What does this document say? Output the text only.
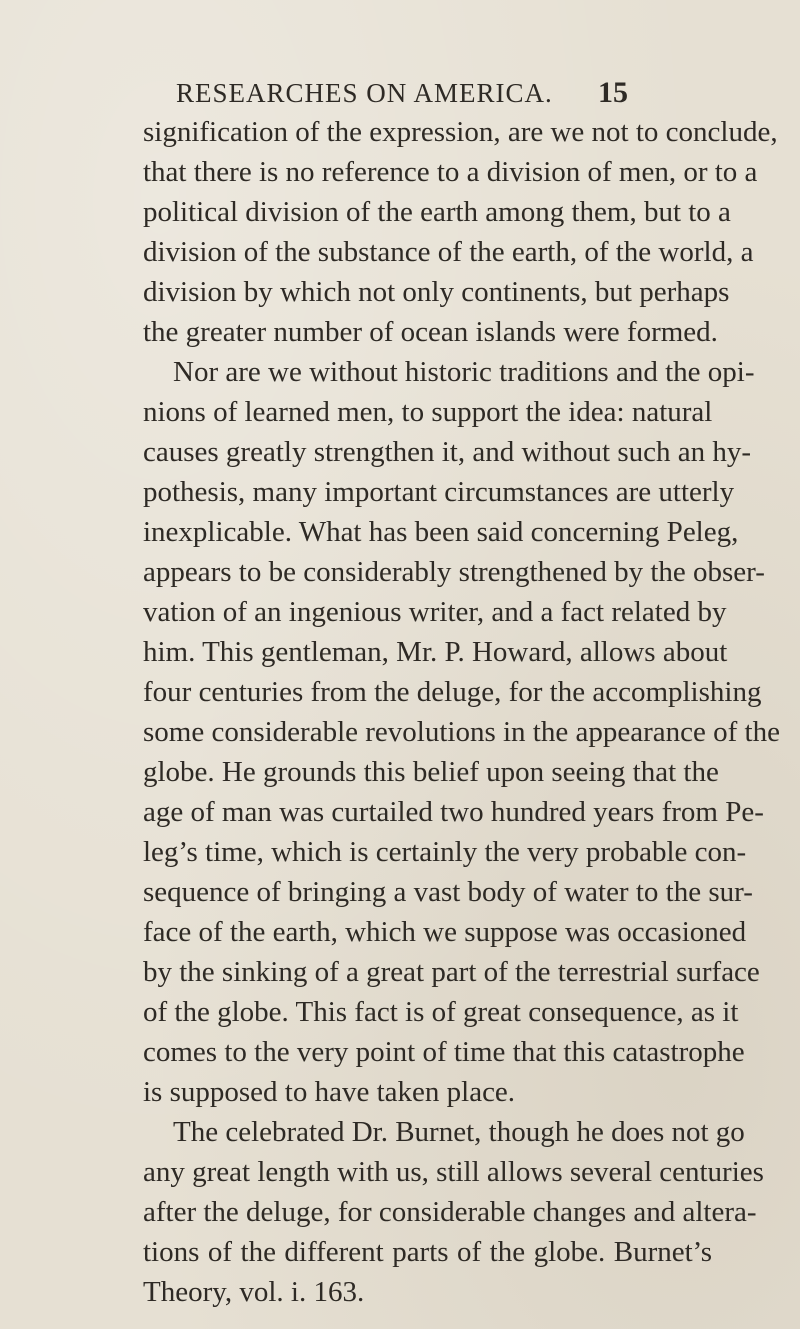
RESEARCHES ON AMERICA.	15
signification of the expression, are we not to conclude,
that there is no reference to a division of men, or to a
political division of the earth among them, but to a
division of the substance of the earth, of the world, a
division by which not only continents, but perhaps
the greater number of ocean islands were formed.
Nor are we without historic traditions and the opi-
nions of learned men, to support the idea: natural
causes greatly strengthen it, and without such an hy-
pothesis, many important circumstances are utterly
inexplicable. What has been said concerning Peleg,
appears to be considerably strengthened by the obser-
vation of an ingenious writer, and a fact related by
him. This gentleman, Mr. P. Howard, allows about
four centuries from the deluge, for the accomplishing
some considerable revolutions in the appearance of the
globe. He grounds this belief upon seeing that the
age of man was curtailed two hundred years from Pe-
leg’s time, which is certainly the very probable con-
sequence of bringing a vast body of water to the sur-
face of the earth, which we suppose was occasioned
by the sinking of a great part of the terrestrial surface
of the globe. This fact is of great consequence, as it
comes to the very point of time that this catastrophe
is supposed to have taken place.
The celebrated Dr. Burnet, though he does not go
any great length with us, still allows several centuries
after the deluge, for considerable changes and altera-
tions of the different parts of the globe. Burnet’s
Theory, vol. i. 163.
